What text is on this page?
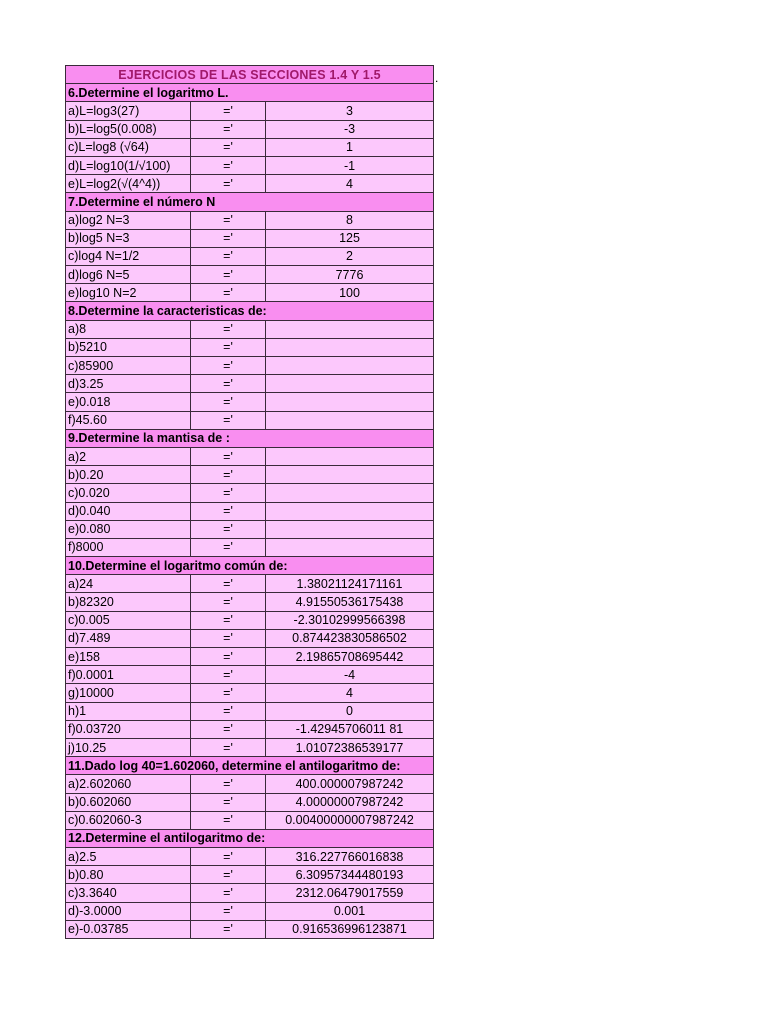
EJERCICIOS DE LAS SECCIONES 1.4 Y 1.5		
6.Determine el logaritmo L.		
a)L=log3(27)	='	3
b)L=log5(0.008)	='	-3
c)L=log8 (√64)	='	1
d)L=log10(1/√100)	='	-1
e)L=log2(√(4^4))	='	4
7.Determine el número N		
a)log2 N=3	='	8
b)log5 N=3	='	125
c)log4 N=1/2	='	2
d)log6 N=5	='	7776
e)log10 N=2	='	100
8.Determine la caracteristicas de:		
a)8	='	
b)5210	='	
c)85900	='	
d)3.25	='	
e)0.018	='	
f)45.60	='	
9.Determine la mantisa de :		
a)2	='	
b)0.20	='	
c)0.020	='	
d)0.040	='	
e)0.080	='	
f)8000	='	
10.Determine el logaritmo común de:		
a)24	='	1.38021124171161
b)82320	='	4.91550536175438
c)0.005	='	-2.30102999566398
d)7.489	='	0.874423830586502
e)158	='	2.19865708695442
f)0.0001	='	-4
g)10000	='	4
h)1	='	0
f)0.03720	='	-1.42945706011 81
j)10.25	='	1.01072386539177
11.Dado log 40=1.602060, determine el antilogaritmo de:		
a)2.602060	='	400.000007987242
b)0.602060	='	4.00000007987242
c)0.602060-3	='	0.00400000007987242
12.Determine el antilogaritmo de:		
a)2.5	='	316.227766016838
b)0.80	='	6.30957344480193
c)3.3640	='	2312.06479017559
d)-3.0000	='	0.001
e)-0.03785	='	0.916536996123871
.
